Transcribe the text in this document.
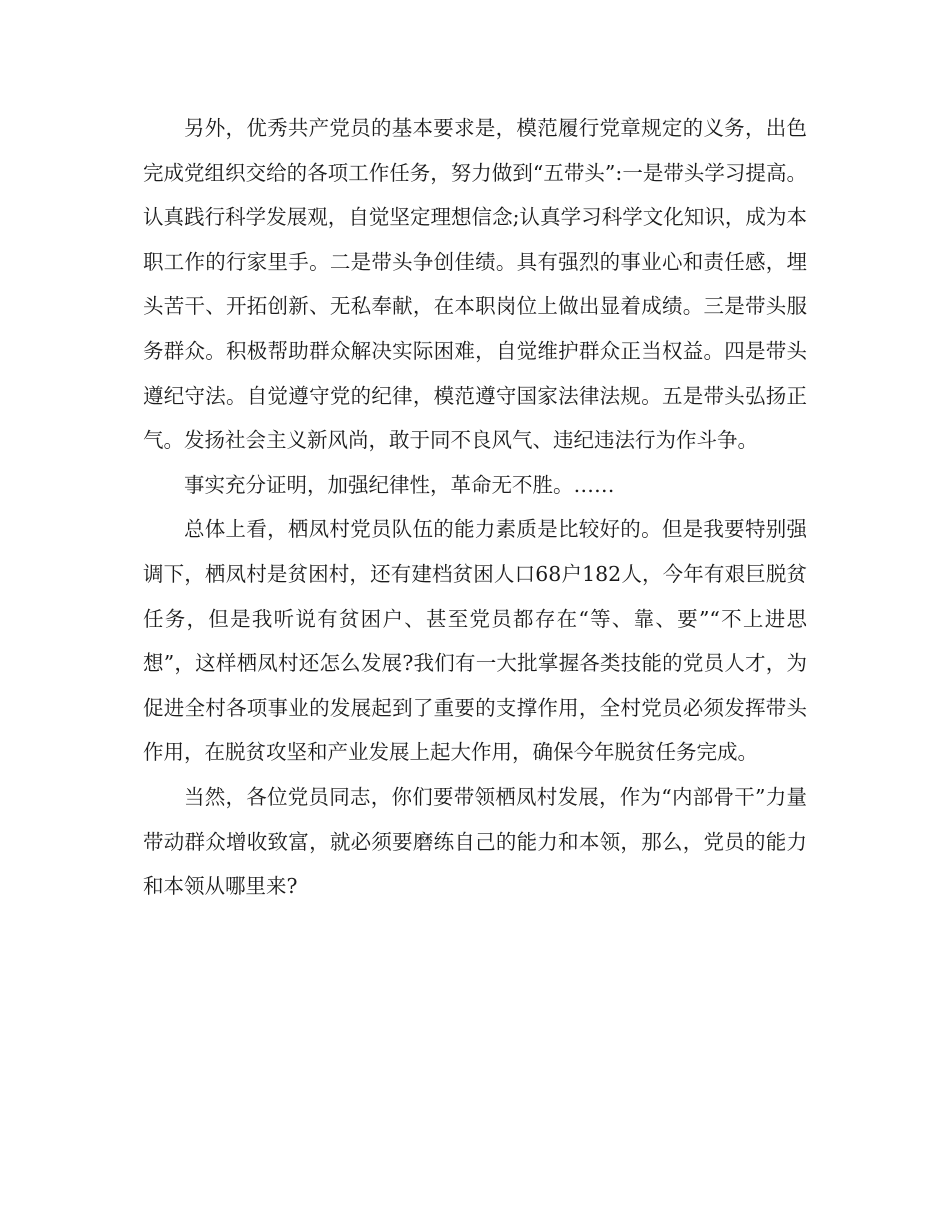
另外，优秀共产党员的基本要求是，模范履行党章规定的义务，出色完成党组织交给的各项工作任务，努力做到“五带头”:一是带头学习提高。认真践行科学发展观，自觉坚定理想信念;认真学习科学文化知识，成为本职工作的行家里手。二是带头争创佳绩。具有强烈的事业心和责任感，埋头苦干、开拓创新、无私奉献，在本职岗位上做出显着成绩。三是带头服务群众。积极帮助群众解决实际困难，自觉维护群众正当权益。四是带头遵纪守法。自觉遵守党的纪律，模范遵守国家法律法规。五是带头弘扬正气。发扬社会主义新风尚，敢于同不良风气、违纪违法行为作斗争。

事实充分证明，加强纪律性，革命无不胜。……

总体上看，栖凤村党员队伍的能力素质是比较好的。但是我要特别强调下，栖凤村是贫困村，还有建档贫困人口68户182人，今年有艰巨脱贫任务，但是我听说有贫困户、甚至党员都存在“等、靠、要”“不上进思想”，这样栖凤村还怎么发展?我们有一大批掌握各类技能的党员人才，为促进全村各项事业的发展起到了重要的支撑作用，全村党员必须发挥带头作用，在脱贫攻坚和产业发展上起大作用，确保今年脱贫任务完成。

当然，各位党员同志，你们要带领栖凤村发展，作为“内部骨干”力量带动群众增收致富，就必须要磨练自己的能力和本领，那么，党员的能力和本领从哪里来?
